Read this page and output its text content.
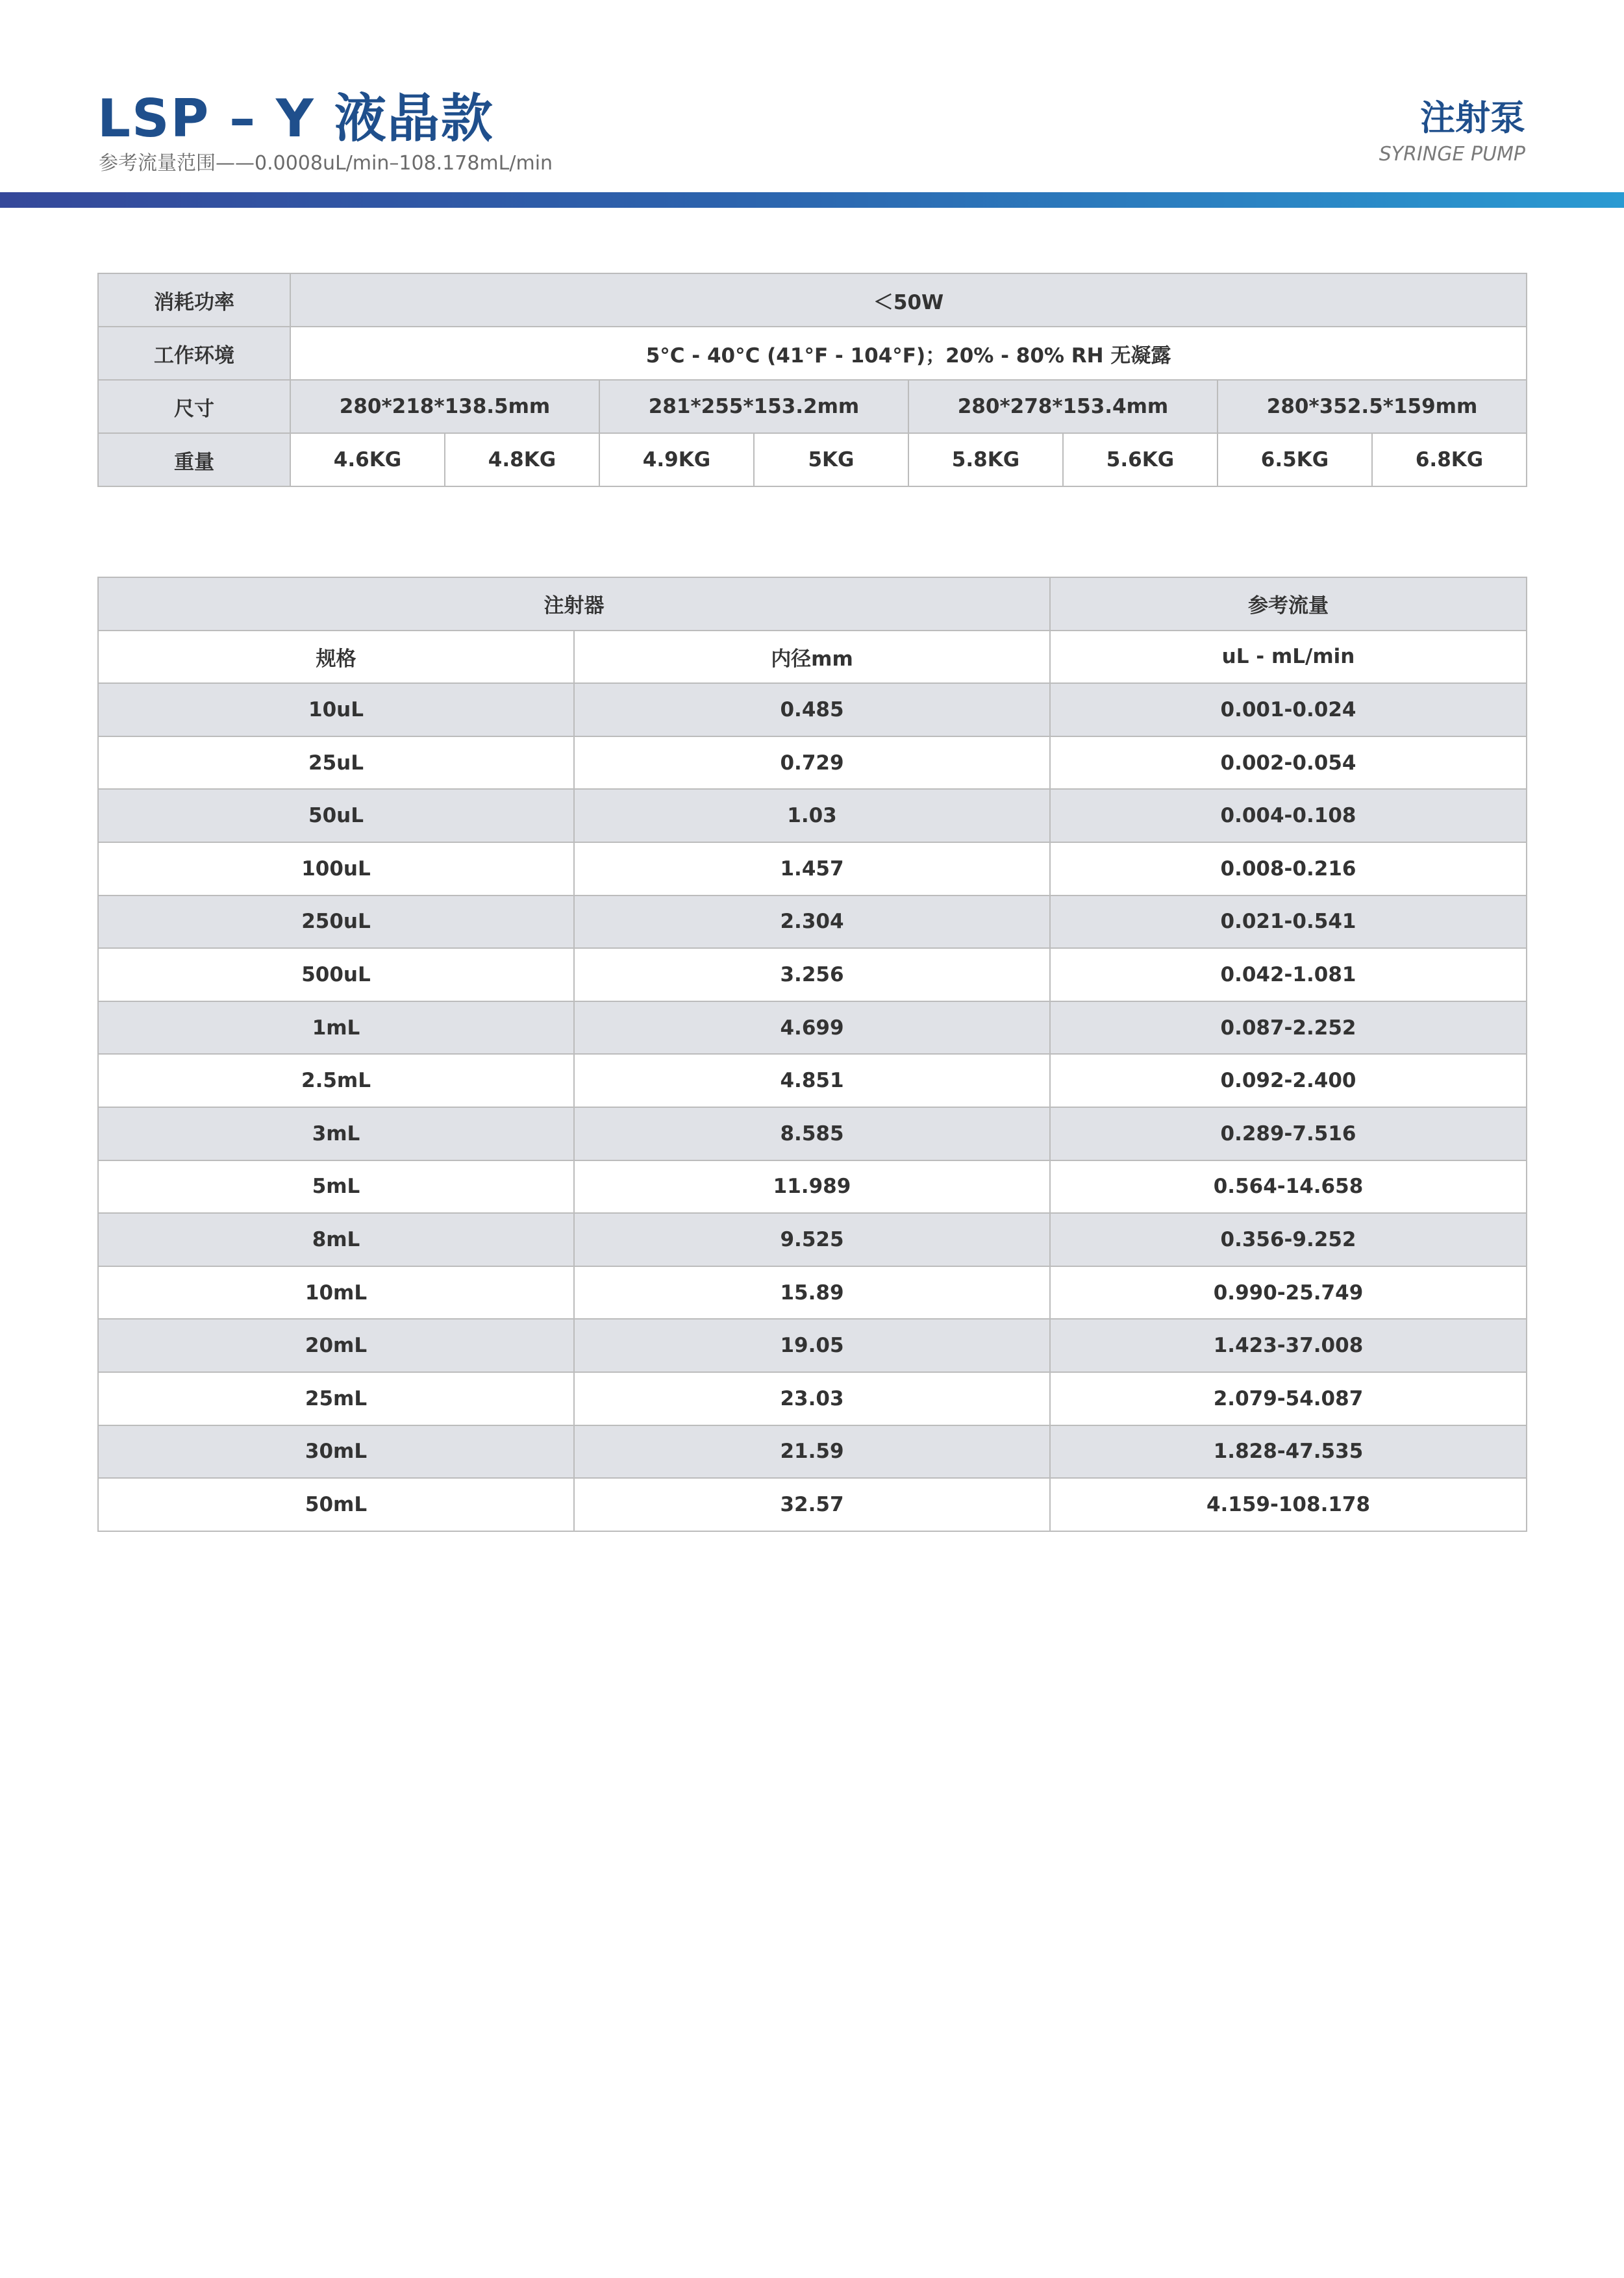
LSP – Y 液晶款
参考流量范围——0.0008uL/min–108.178mL/min
注射泵
SYRINGE PUMP
消耗功率	＜50W							
工作环境	5°C - 40°C (41°F - 104°F)；20% - 80% RH 无凝露							
尺寸	280*218*138.5mm		281*255*153.2mm		280*278*153.4mm		280*352.5*159mm	
重量	4.6KG	4.8KG	4.9KG	5KG	5.8KG	5.6KG	6.5KG	6.8KG
注射器		参考流量
规格	内径mm	uL - mL/min
10uL	0.485	0.001-0.024
25uL	0.729	0.002-0.054
50uL	1.03	0.004-0.108
100uL	1.457	0.008-0.216
250uL	2.304	0.021-0.541
500uL	3.256	0.042-1.081
1mL	4.699	0.087-2.252
2.5mL	4.851	0.092-2.400
3mL	8.585	0.289-7.516
5mL	11.989	0.564-14.658
8mL	9.525	0.356-9.252
10mL	15.89	0.990-25.749
20mL	19.05	1.423-37.008
25mL	23.03	2.079-54.087
30mL	21.59	1.828-47.535
50mL	32.57	4.159-108.178
